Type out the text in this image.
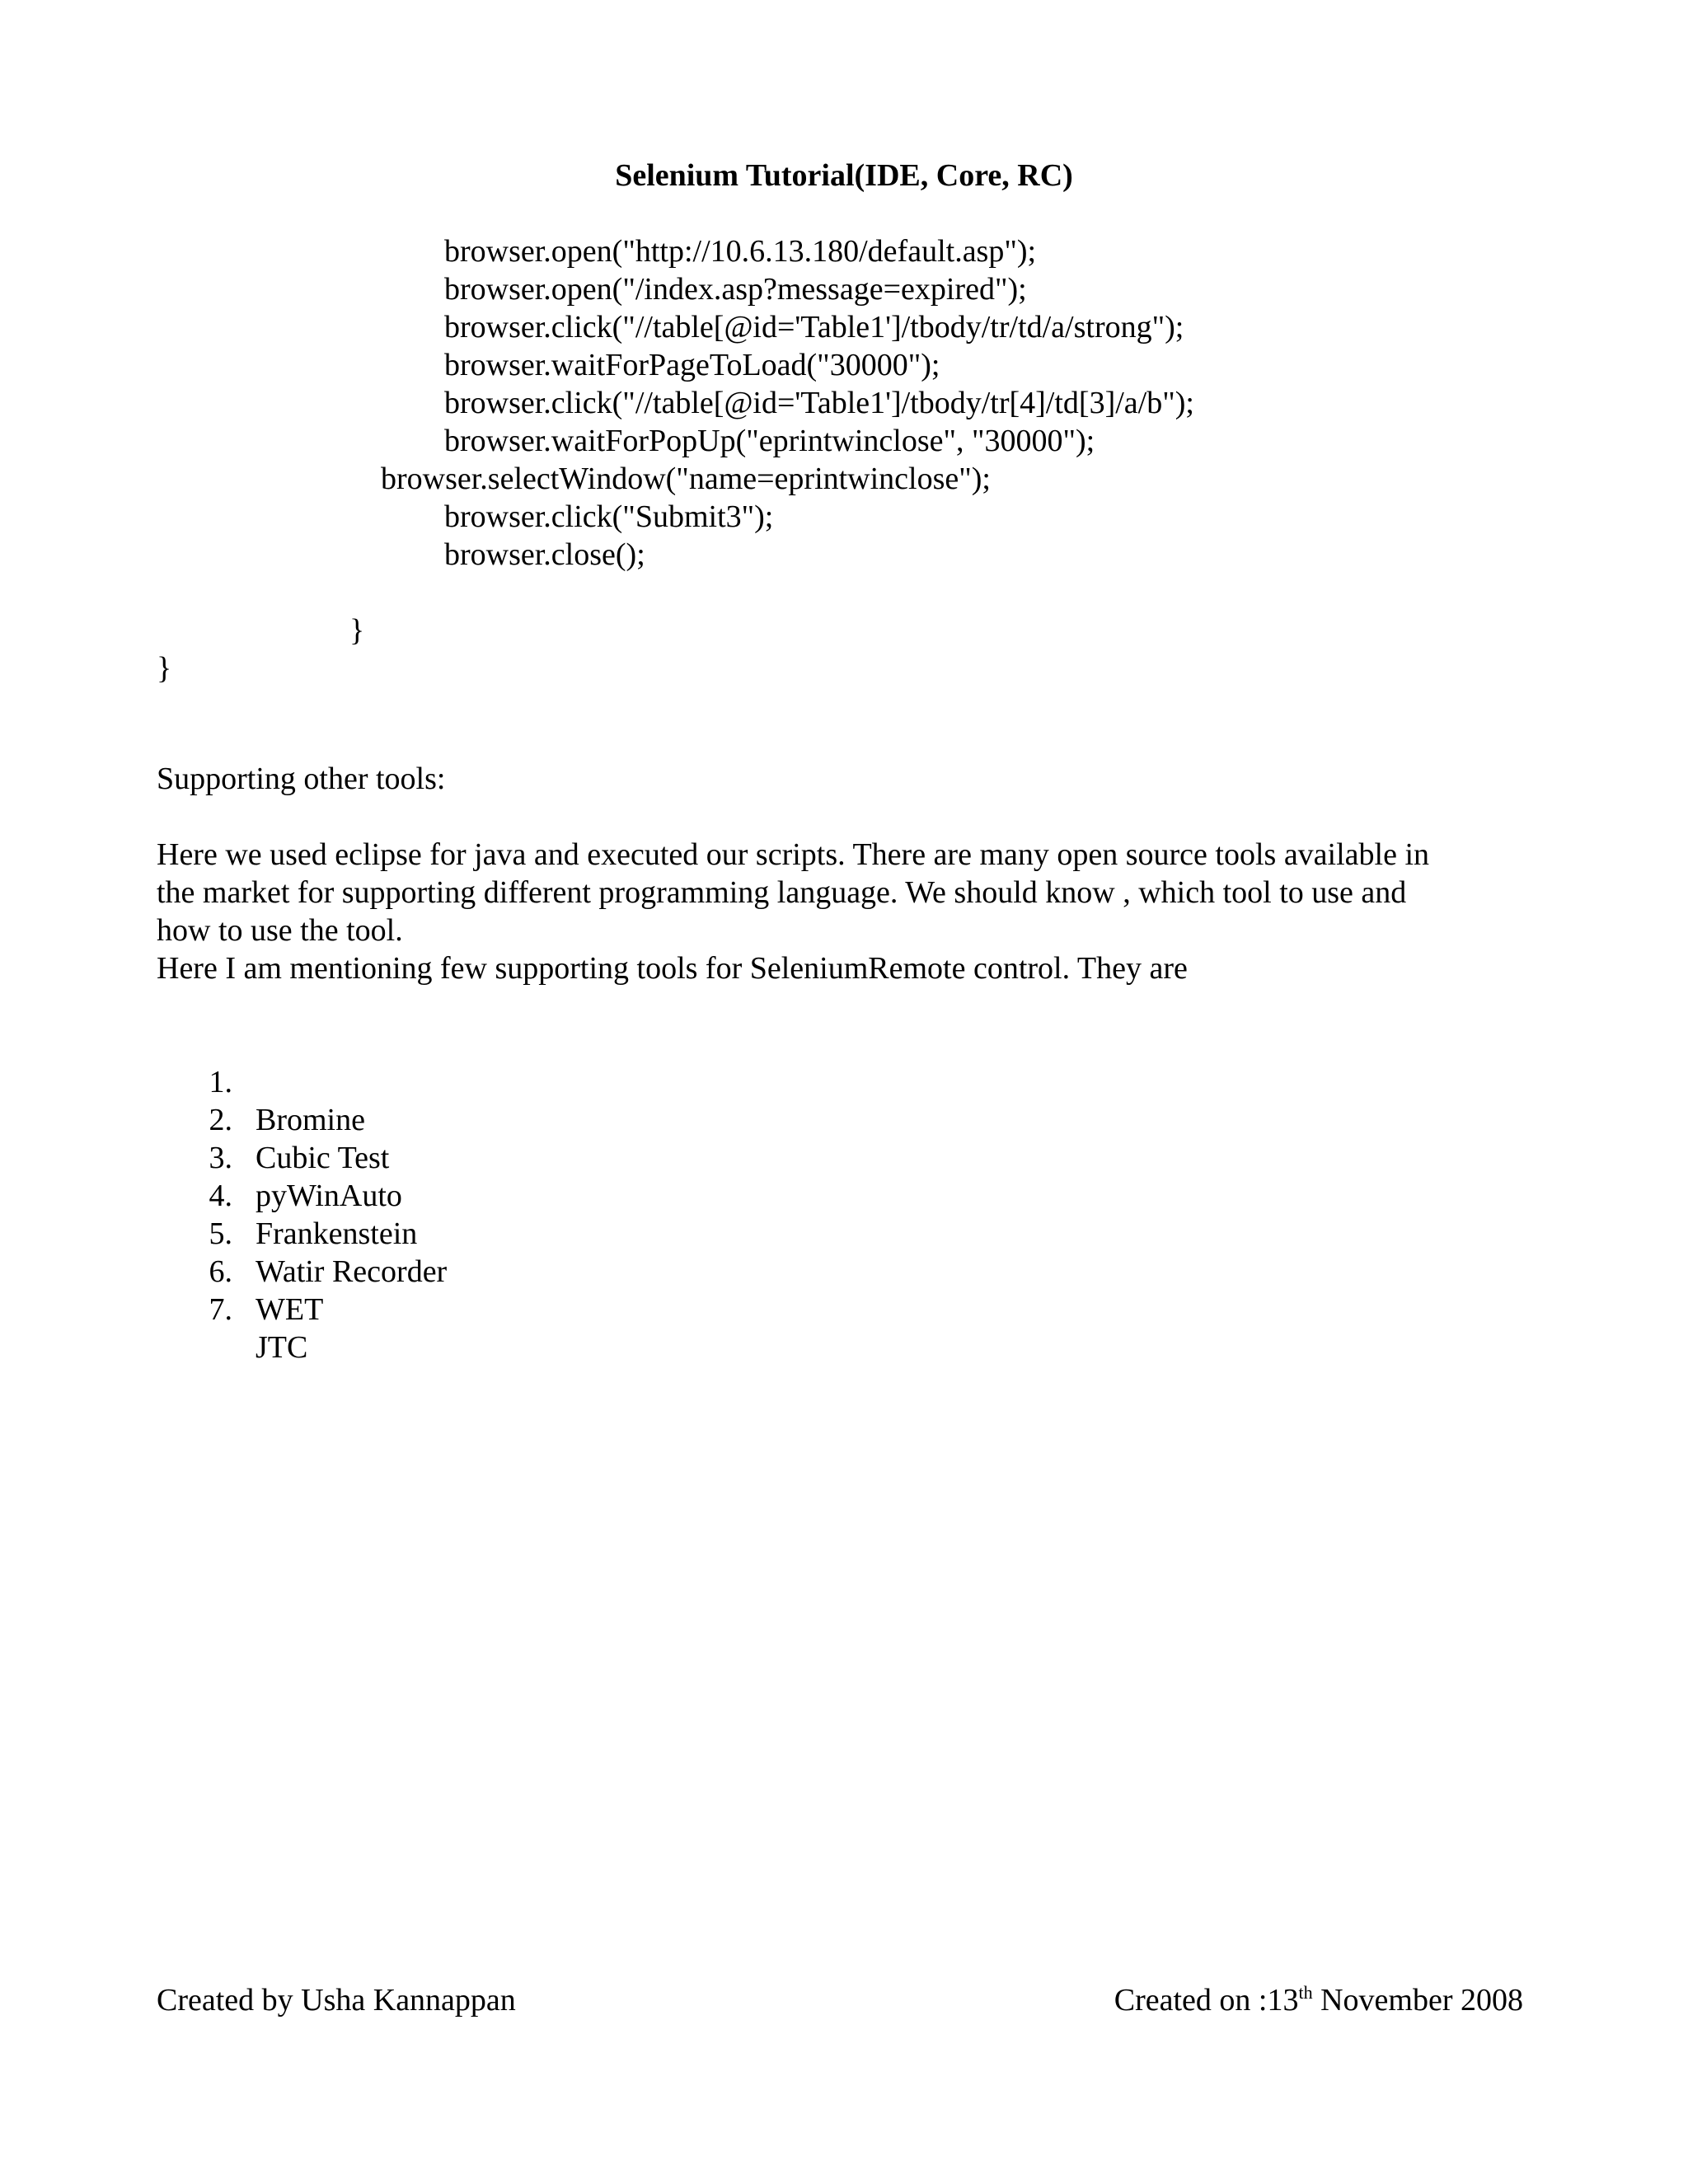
Selenium Tutorial(IDE, Core, RC)
browser.open("http://10.6.13.180/default.asp");
browser.open("/index.asp?message=expired");
browser.click("//table[@id='Table1']/tbody/tr/td/a/strong");
browser.waitForPageToLoad("30000");
browser.click("//table[@id='Table1']/tbody/tr[4]/td[3]/a/b");
browser.waitForPopUp("eprintwinclose", "30000");
browser.selectWindow("name=eprintwinclose");
browser.click("Submit3");
browser.close();
}
}
Supporting other tools:
Here we used eclipse for java and executed our scripts. There are many open source tools available in
the market for supporting different programming language. We should know , which tool to use and
how to use the tool.
Here I am mentioning few supporting tools for SeleniumRemote control. They are

1.

Bromine

2.

Cubic Test

3.

pyWinAuto

4.

Frankenstein

5.

Watir Recorder

6.

WET

7.

JTC

Created by Usha Kannappan	Created on :13th November 2008
